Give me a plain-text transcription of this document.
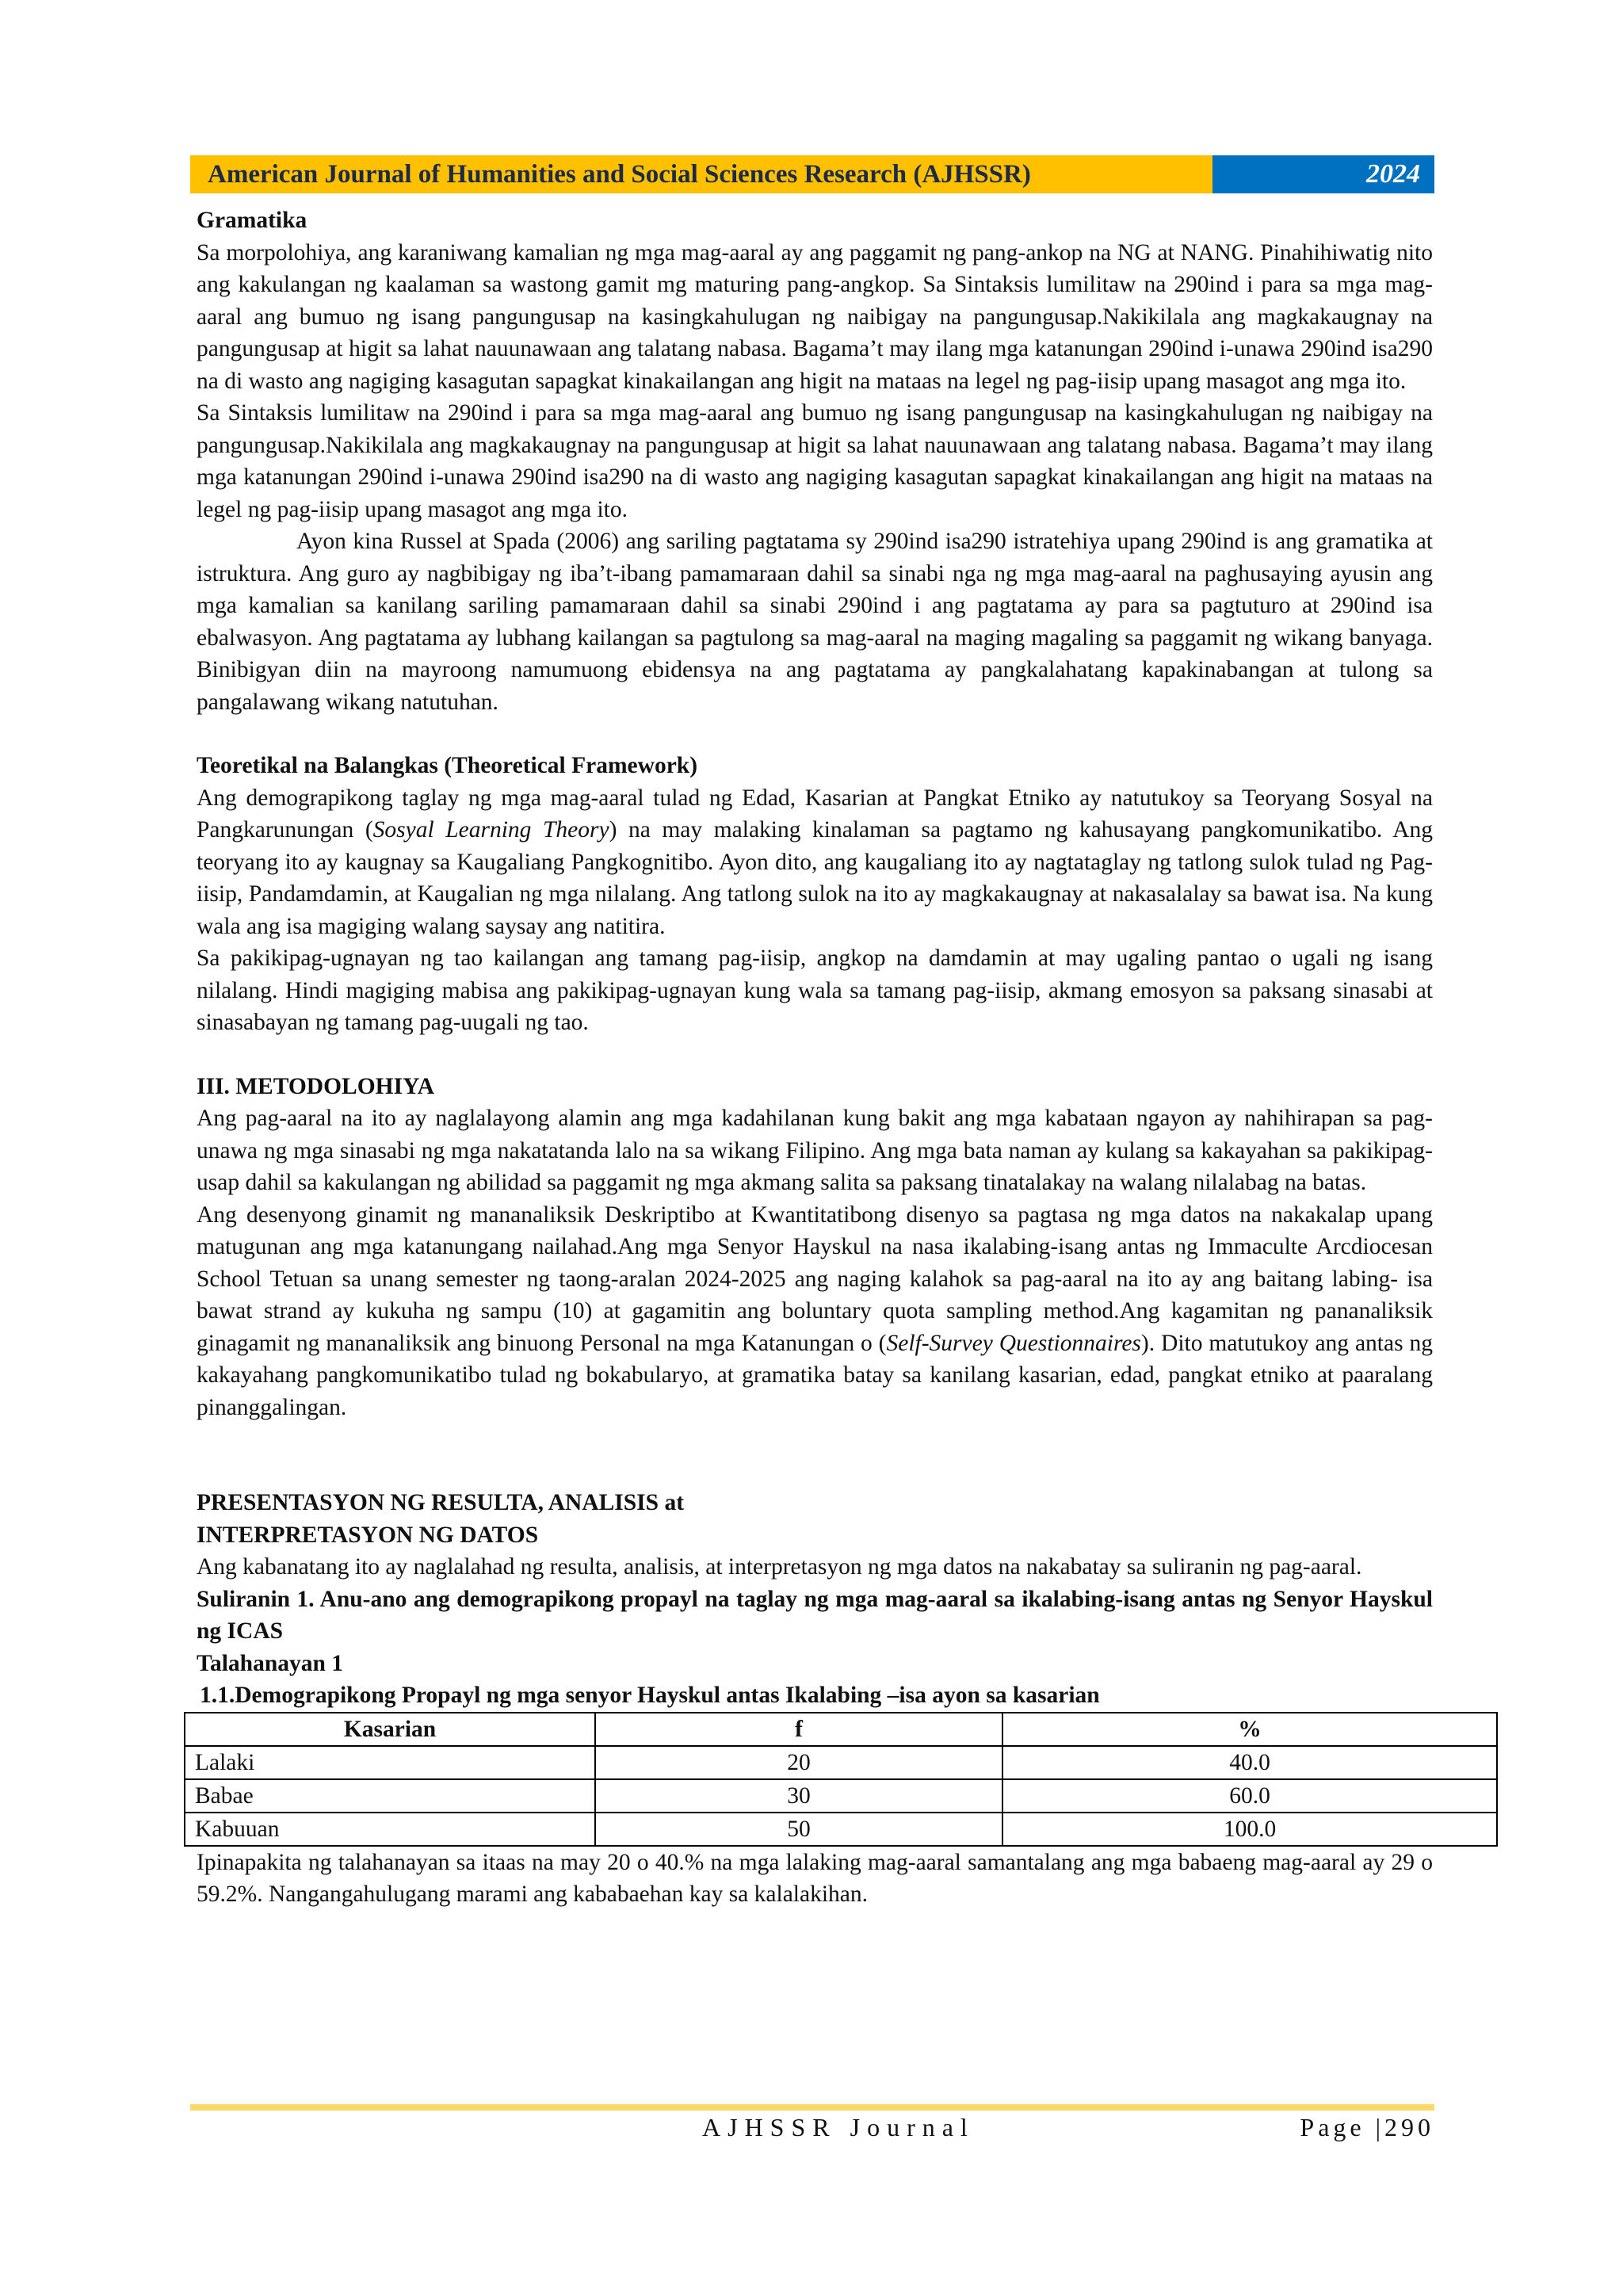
American Journal of Humanities and Social Sciences Research (AJHSSR)	2024

Gramatika

Sa morpolohiya, ang karaniwang kamalian ng mga mag-aaral ay ang paggamit ng pang-ankop na NG at NANG. Pinahihiwatig nito ang kakulangan ng kaalaman sa wastong gamit mg maturing pang-angkop. Sa Sintaksis lumilitaw na 290ind i para sa mga mag-aaral ang bumuo ng isang pangungusap na kasingkahulugan ng naibigay na pangungusap.Nakikilala ang magkakaugnay na pangungusap at higit sa lahat nauunawaan ang talatang nabasa. Bagama’t may ilang mga katanungan 290ind i-unawa 290ind isa290 na di wasto ang nagiging kasagutan sapagkat kinakailangan ang higit na mataas na legel ng pag-iisip upang masagot ang mga ito.

Sa Sintaksis lumilitaw na 290ind i para sa mga mag-aaral ang bumuo ng isang pangungusap na kasingkahulugan ng naibigay na pangungusap.Nakikilala ang magkakaugnay na pangungusap at higit sa lahat nauunawaan ang talatang nabasa. Bagama’t may ilang mga katanungan 290ind i-unawa 290ind isa290 na di wasto ang nagiging kasagutan sapagkat kinakailangan ang higit na mataas na legel ng pag-iisip upang masagot ang mga ito.

Ayon kina Russel at Spada (2006) ang sariling pagtatama sy 290ind isa290 istratehiya upang 290ind is ang gramatika at istruktura. Ang guro ay nagbibigay ng iba’t-ibang pamamaraan dahil sa sinabi nga ng mga mag-aaral na paghusaying ayusin ang mga kamalian sa kanilang sariling pamamaraan dahil sa sinabi 290ind i ang pagtatama ay para sa pagtuturo at 290ind isa ebalwasyon. Ang pagtatama ay lubhang kailangan sa pagtulong sa mag-aaral na maging magaling sa paggamit ng wikang banyaga. Binibigyan diin na mayroong namumuong ebidensya na ang pagtatama ay pangkalahatang kapakinabangan at tulong sa pangalawang wikang natutuhan.

Teoretikal na Balangkas (Theoretical Framework)

Ang demograpikong taglay ng mga mag-aaral tulad ng Edad, Kasarian at Pangkat Etniko ay natutukoy sa Teoryang Sosyal na Pangkarunungan (Sosyal Learning Theory) na may malaking kinalaman sa pagtamo ng kahusayang pangkomunikatibo. Ang teoryang ito ay kaugnay sa Kaugaliang Pangkognitibo. Ayon dito, ang kaugaliang ito ay nagtataglay ng tatlong sulok tulad ng Pag-iisip, Pandamdamin, at Kaugalian ng mga nilalang. Ang tatlong sulok na ito ay magkakaugnay at nakasalalay sa bawat isa. Na kung wala ang isa magiging walang saysay ang natitira.

Sa pakikipag-ugnayan ng tao kailangan ang tamang pag-iisip, angkop na damdamin at may ugaling pantao o ugali ng isang nilalang. Hindi magiging mabisa ang pakikipag-ugnayan kung wala sa tamang pag-iisip, akmang emosyon sa paksang sinasabi at sinasabayan ng tamang pag-uugali ng tao.

III. METODOLOHIYA

Ang pag-aaral na ito ay naglalayong alamin ang mga kadahilanan kung bakit ang mga kabataan ngayon ay nahihirapan sa pag-unawa ng mga sinasabi ng mga nakatatanda lalo na sa wikang Filipino. Ang mga bata naman ay kulang sa kakayahan sa pakikipag-usap dahil sa kakulangan ng abilidad sa paggamit ng mga akmang salita sa paksang tinatalakay na walang nilalabag na batas.

Ang desenyong ginamit ng mananaliksik Deskriptibo at Kwantitatibong disenyo sa pagtasa ng mga datos na nakakalap upang matugunan ang mga katanungang nailahad.Ang mga Senyor Hayskul na nasa ikalabing-isang antas ng Immaculte Arcdiocesan School Tetuan sa unang semester ng taong-aralan 2024-2025 ang naging kalahok sa pag-aaral na ito ay ang baitang labing- isa bawat strand ay kukuha ng sampu (10) at gagamitin ang boluntary quota sampling method.Ang kagamitan ng pananaliksik ginagamit ng mananaliksik ang binuong Personal na mga Katanungan o (Self-Survey Questionnaires). Dito matutukoy ang antas ng kakayahang pangkomunikatibo tulad ng bokabularyo, at gramatika batay sa kanilang kasarian, edad, pangkat etniko at paaralang pinanggalingan.

PRESENTASYON NG RESULTA, ANALISIS at

INTERPRETASYON NG DATOS

Ang kabanatang ito ay naglalahad ng resulta, analisis, at interpretasyon ng mga datos na nakabatay sa suliranin ng pag-aaral.

Suliranin 1. Anu-ano ang demograpikong propayl na taglay ng mga mag-aaral sa ikalabing-isang antas ng Senyor Hayskul ng ICAS

Talahanayan 1

1.1.Demograpikong Propayl ng mga senyor Hayskul antas Ikalabing –isa ayon sa kasarian

Kasarian	f	%
Lalaki	20	40.0
Babae	30	60.0
Kabuuan	50	100.0

Ipinapakita ng talahanayan sa itaas na may 20 o 40.% na mga lalaking mag-aaral samantalang ang mga babaeng mag-aaral ay 29 o 59.2%. Nangangahulugang marami ang kababaehan kay sa kalalakihan.

AJHSSR Journal	Page |290
